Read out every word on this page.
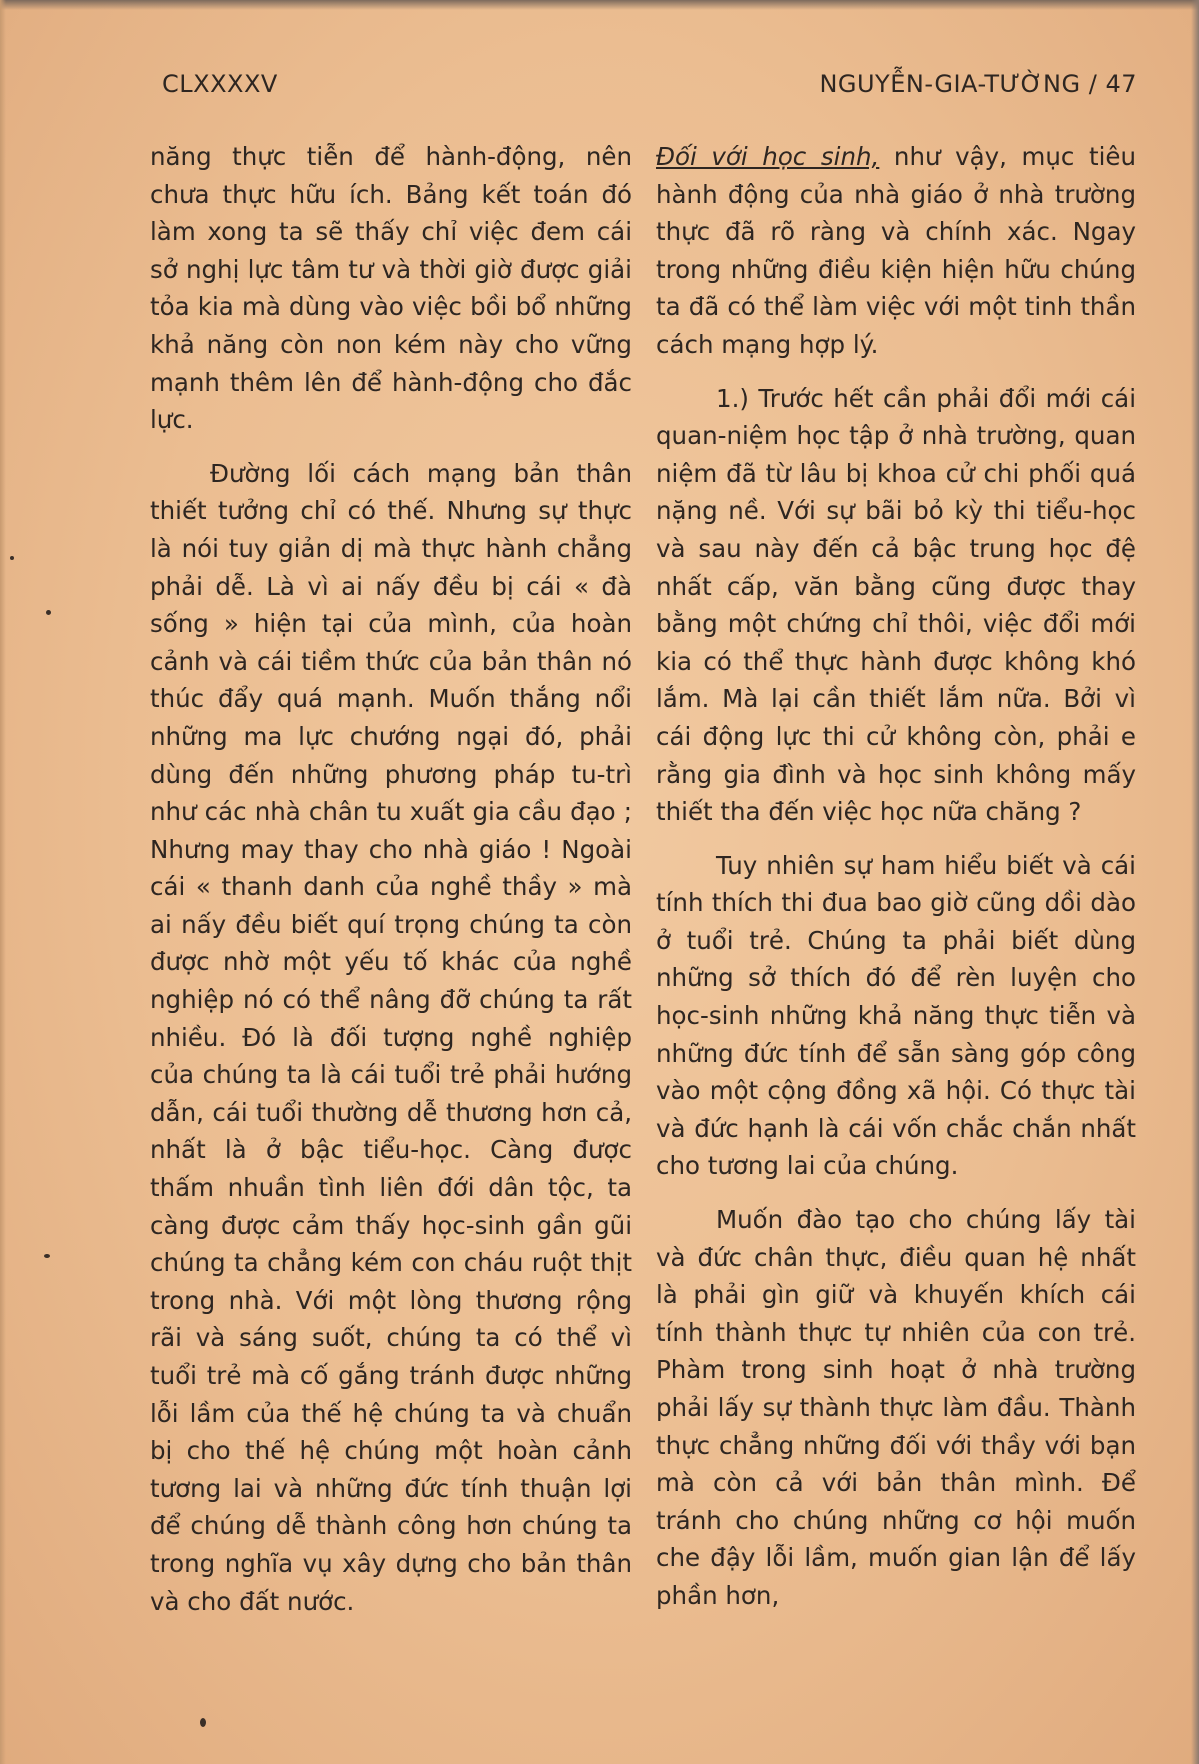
CLXXXXV	NGUYỄN-GIA-TƯỜNG / 47

năng thực tiễn để hành-động, nên chưa thực hữu ích. Bảng kết toán đó làm xong ta sẽ thấy chỉ việc đem cái sở nghị lực tâm tư và thời giờ được giải tỏa kia mà dùng vào việc bồi bổ những khả năng còn non kém này cho vững mạnh thêm lên để hành-động cho đắc lực.

Đường lối cách mạng bản thân thiết tưởng chỉ có thế. Nhưng sự thực là nói tuy giản dị mà thực hành chẳng phải dễ. Là vì ai nấy đều bị cái « đà sống » hiện tại của mình, của hoàn cảnh và cái tiềm thức của bản thân nó thúc đẩy quá mạnh. Muốn thắng nổi những ma lực chướng ngại đó, phải dùng đến những phương pháp tu-trì như các nhà chân tu xuất gia cầu đạo ; Nhưng may thay cho nhà giáo ! Ngoài cái « thanh danh của nghề thầy » mà ai nấy đều biết quí trọng chúng ta còn được nhờ một yếu tố khác của nghề nghiệp nó có thể nâng đỡ chúng ta rất nhiều. Đó là đối tượng nghề nghiệp của chúng ta là cái tuổi trẻ phải hướng dẫn, cái tuổi thường dễ thương hơn cả, nhất là ở bậc tiểu-học. Càng được thấm nhuần tình liên đới dân tộc, ta càng được cảm thấy học-sinh gần gũi chúng ta chẳng kém con cháu ruột thịt trong nhà. Với một lòng thương rộng rãi và sáng suốt, chúng ta có thể vì tuổi trẻ mà cố gắng tránh được những lỗi lầm của thế hệ chúng ta và chuẩn bị cho thế hệ chúng một hoàn cảnh tương lai và những đức tính thuận lợi để chúng dễ thành công hơn chúng ta trong nghĩa vụ xây dựng cho bản thân và cho đất nước.

Đối với học sinh, như vậy, mục tiêu hành động của nhà giáo ở nhà trường thực đã rõ ràng và chính xác. Ngay trong những điều kiện hiện hữu chúng ta đã có thể làm việc với một tinh thần cách mạng hợp lý.

1.) Trước hết cần phải đổi mới cái quan-niệm học tập ở nhà trường, quan niệm đã từ lâu bị khoa cử chi phối quá nặng nề. Với sự bãi bỏ kỳ thi tiểu-học và sau này đến cả bậc trung học đệ nhất cấp, văn bằng cũng được thay bằng một chứng chỉ thôi, việc đổi mới kia có thể thực hành được không khó lắm. Mà lại cần thiết lắm nữa. Bởi vì cái động lực thi cử không còn, phải e rằng gia đình và học sinh không mấy thiết tha đến việc học nữa chăng ?

Tuy nhiên sự ham hiểu biết và cái tính thích thi đua bao giờ cũng dồi dào ở tuổi trẻ. Chúng ta phải biết dùng những sở thích đó để rèn luyện cho học-sinh những khả năng thực tiễn và những đức tính để sẵn sàng góp công vào một cộng đồng xã hội. Có thực tài và đức hạnh là cái vốn chắc chắn nhất cho tương lai của chúng.

Muốn đào tạo cho chúng lấy tài và đức chân thực, điều quan hệ nhất là phải gìn giữ và khuyến khích cái tính thành thực tự nhiên của con trẻ. Phàm trong sinh hoạt ở nhà trường phải lấy sự thành thực làm đầu. Thành thực chẳng những đối với thầy với bạn mà còn cả với bản thân mình. Để tránh cho chúng những cơ hội muốn che đậy lỗi lầm, muốn gian lận để lấy phần hơn,
